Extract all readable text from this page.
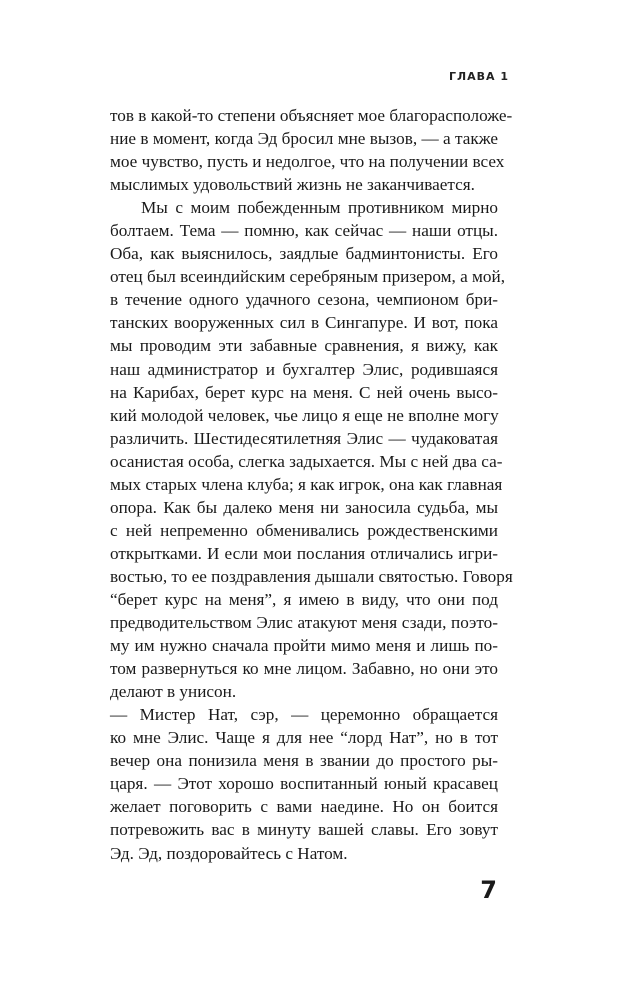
ГЛАВА 1
тов в какой-то степени объясняет мое благорасположе-
ние в момент, когда Эд бросил мне вызов, — а также
мое чувство, пусть и недолгое, что на получении всех
мыслимых удовольствий жизнь не заканчивается.
Мы с моим побежденным противником мирно
болтаем. Тема — помню, как сейчас — наши отцы.
Оба, как выяснилось, заядлые бадминтонисты. Его
отец был всеиндийским серебряным призером, а мой,
в течение одного удачного сезона, чемпионом бри-
танских вооруженных сил в Сингапуре. И вот, пока
мы проводим эти забавные сравнения, я вижу, как
наш администратор и бухгалтер Элис, родившаяся
на Карибах, берет курс на меня. С ней очень высо-
кий молодой человек, чье лицо я еще не вполне могу
различить. Шестидесятилетняя Элис — чудаковатая
осанистая особа, слегка задыхается. Мы с ней два са-
мых старых члена клуба; я как игрок, она как главная
опора. Как бы далеко меня ни заносила судьба, мы
с ней непременно обменивались рождественскими
открытками. И если мои послания отличались игри-
востью, то ее поздравления дышали святостью. Говоря
“берет курс на меня”, я имею в виду, что они под
предводительством Элис атакуют меня сзади, поэто-
му им нужно сначала пройти мимо меня и лишь по-
том развернуться ко мне лицом. Забавно, но они это
делают в унисон.
— Мистер Нат, сэр, — церемонно обращается
ко мне Элис. Чаще я для нее “лорд Нат”, но в тот
вечер она понизила меня в звании до простого ры-
царя. — Этот хорошо воспитанный юный красавец
желает поговорить с вами наедине. Но он боится
потревожить вас в минуту вашей славы. Его зовут
Эд. Эд, поздоровайтесь с Натом.
7
